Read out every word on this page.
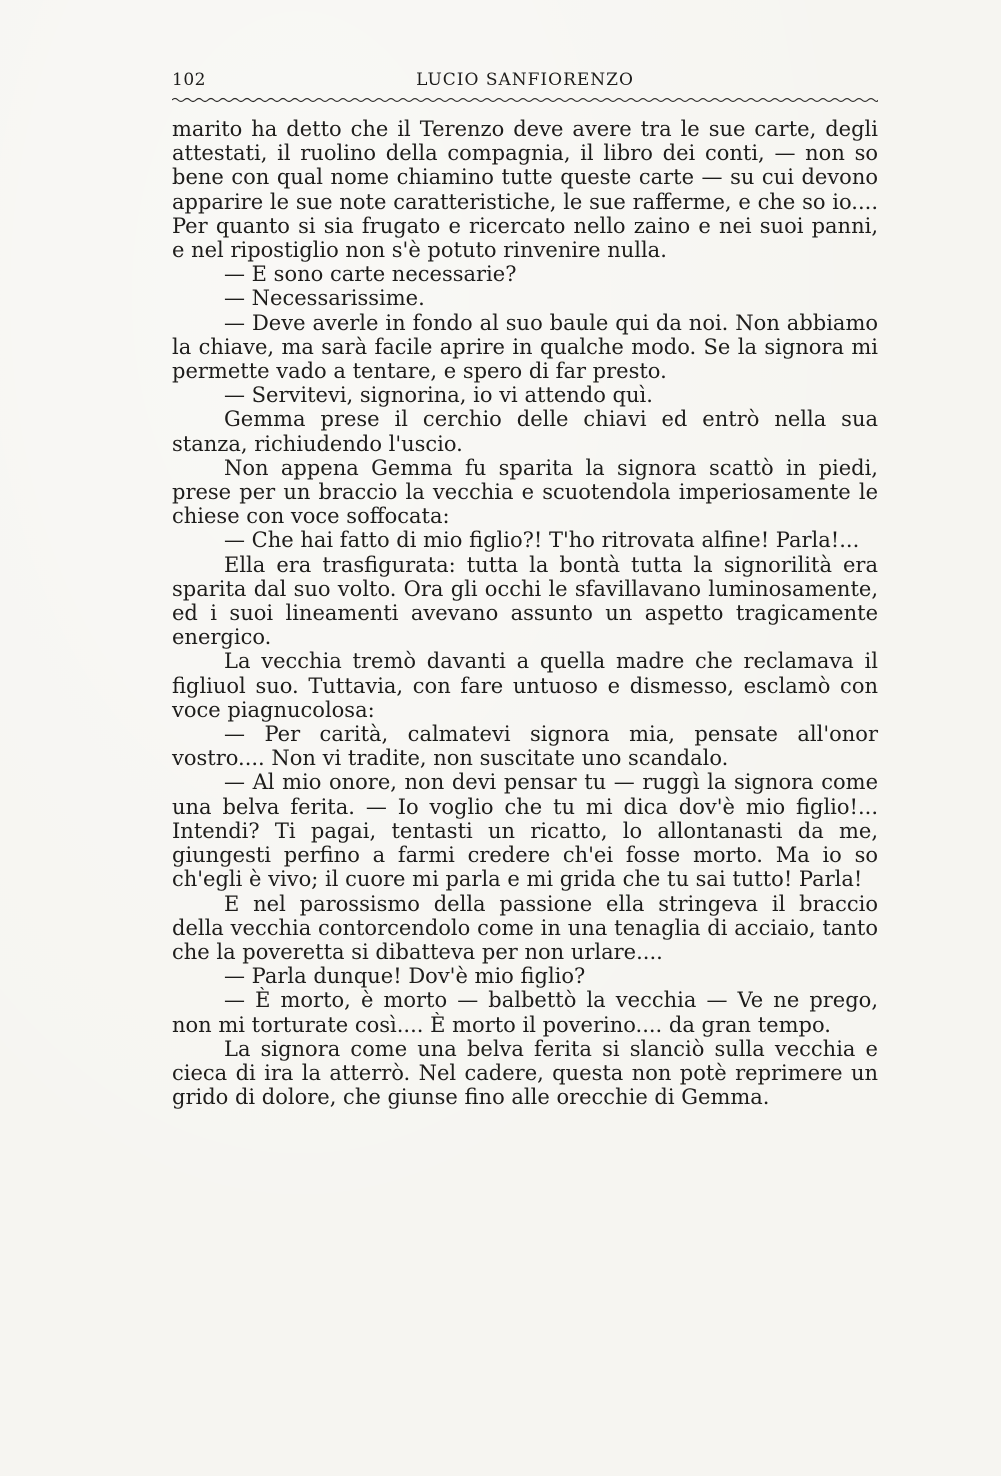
102	LUCIO SANFIORENZO

marito ha detto che il Terenzo deve avere tra le sue carte, degli attestati, il ruolino della compagnia, il libro dei conti, — non so bene con qual nome chiamino tutte queste carte — su cui devono apparire le sue note caratteristiche, le sue rafferme, e che so io.... Per quanto si sia frugato e ricercato nello zaino e nei suoi panni, e nel ripostiglio non s'è potuto rinvenire nulla.

— E sono carte necessarie?

— Necessarissime.

— Deve averle in fondo al suo baule qui da noi. Non abbiamo la chiave, ma sarà facile aprire in qualche modo. Se la signora mi permette vado a tentare, e spero di far presto.

— Servitevi, signorina, io vi attendo quì.

Gemma prese il cerchio delle chiavi ed entrò nella sua stanza, richiudendo l'uscio.

Non appena Gemma fu sparita la signora scattò in piedi, prese per un braccio la vecchia e scuotendola imperiosamente le chiese con voce soffocata:

— Che hai fatto di mio figlio?! T'ho ritrovata alfine! Parla!...

Ella era trasfigurata: tutta la bontà tutta la signorilità era sparita dal suo volto. Ora gli occhi le sfavillavano luminosamente, ed i suoi lineamenti avevano assunto un aspetto tragicamente energico.

La vecchia tremò davanti a quella madre che reclamava il figliuol suo. Tuttavia, con fare untuoso e dismesso, esclamò con voce piagnucolosa:

— Per carità, calmatevi signora mia, pensate all'onor vostro.... Non vi tradite, non suscitate uno scandalo.

— Al mio onore, non devi pensar tu — ruggì la signora come una belva ferita. — Io voglio che tu mi dica dov'è mio figlio!... Intendi? Ti pagai, tentasti un ricatto, lo allontanasti da me, giungesti perfino a farmi credere ch'ei fosse morto. Ma io so ch'egli è vivo; il cuore mi parla e mi grida che tu sai tutto! Parla!

E nel parossismo della passione ella stringeva il braccio della vecchia contorcendolo come in una tenaglia di acciaio, tanto che la poveretta si dibatteva per non urlare....

— Parla dunque! Dov'è mio figlio?

— È morto, è morto — balbettò la vecchia — Ve ne prego, non mi torturate così.... È morto il poverino.... da gran tempo.

La signora come una belva ferita si slanciò sulla vecchia e cieca di ira la atterrò. Nel cadere, questa non potè reprimere un grido di dolore, che giunse fino alle orecchie di Gemma.
